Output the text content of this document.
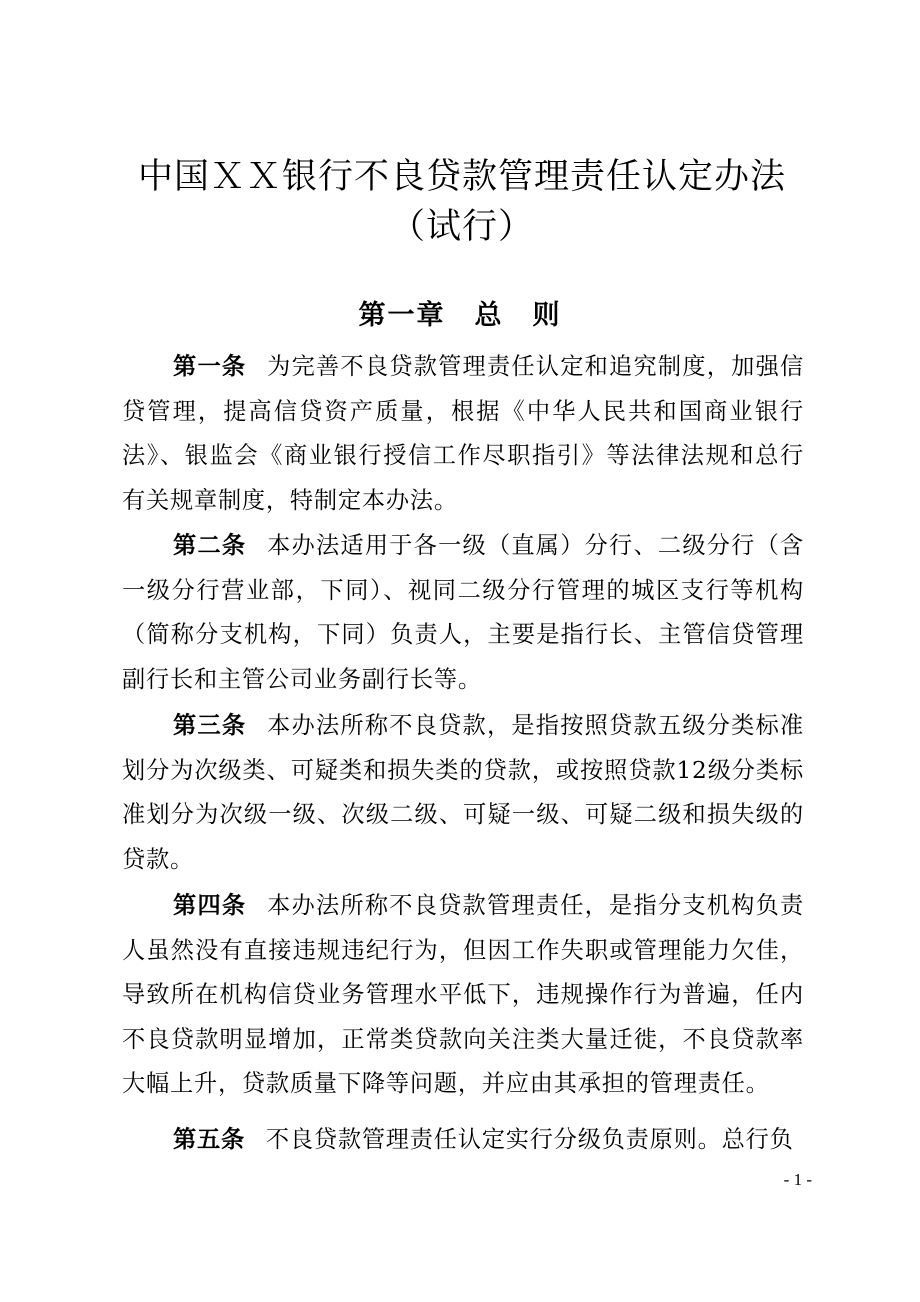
中国ＸＸ银行不良贷款管理责任认定办法（试行）
第一章　总　则

第一条 为完善不良贷款管理责任认定和追究制度，加强信贷管理，提高信贷资产质量，根据《中华人民共和国商业银行法》、银监会《商业银行授信工作尽职指引》等法律法规和总行有关规章制度，特制定本办法。

第二条 本办法适用于各一级（直属）分行、二级分行（含一级分行营业部，下同）、视同二级分行管理的城区支行等机构（简称分支机构，下同）负责人，主要是指行长、主管信贷管理副行长和主管公司业务副行长等。

第三条 本办法所称不良贷款，是指按照贷款五级分类标准划分为次级类、可疑类和损失类的贷款，或按照贷款12级分类标准划分为次级一级、次级二级、可疑一级、可疑二级和损失级的贷款。

第四条 本办法所称不良贷款管理责任，是指分支机构负责人虽然没有直接违规违纪行为，但因工作失职或管理能力欠佳，导致所在机构信贷业务管理水平低下，违规操作行为普遍，任内不良贷款明显增加，正常类贷款向关注类大量迁徙，不良贷款率大幅上升，贷款质量下降等问题，并应由其承担的管理责任。

第五条 不良贷款管理责任认定实行分级负责原则。总行负

- 1 -
